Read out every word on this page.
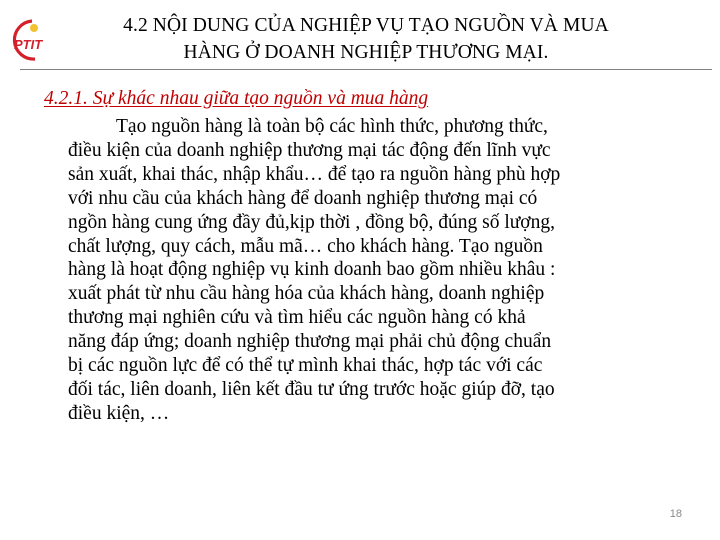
PTIT
4.2 NỘI DUNG CỦA NGHIỆP VỤ TẠO NGUỒN VÀ MUA
HÀNG Ở DOANH NGHIỆP THƯƠNG MẠI.
4.2.1. Sự khác nhau giữa tạo nguồn và mua hàng
Tạo nguồn hàng là toàn bộ các hình thức, phương thức,
điều kiện của doanh nghiệp thương mại tác động đến lĩnh vực
sản xuất, khai thác, nhập khẩu… để tạo ra nguồn hàng phù hợp
với nhu cầu của khách hàng để doanh nghiệp thương mại có
ngồn hàng cung ứng đầy đủ,kịp thời , đồng bộ, đúng số lượng,
chất lượng, quy cách, mẫu mã… cho khách hàng. Tạo nguồn
hàng là hoạt động nghiệp vụ kinh doanh bao gồm nhiều khâu :
xuất phát từ nhu cầu hàng hóa của khách hàng, doanh nghiệp
thương mại nghiên cứu và tìm hiểu các nguồn hàng có khả
năng đáp ứng; doanh nghiệp thương mại phải chủ động chuẩn
bị các nguồn lực để có thể tự mình khai thác, hợp tác với các
đối tác, liên doanh, liên kết đầu tư ứng trước hoặc giúp đỡ, tạo
điều kiện, …
18
